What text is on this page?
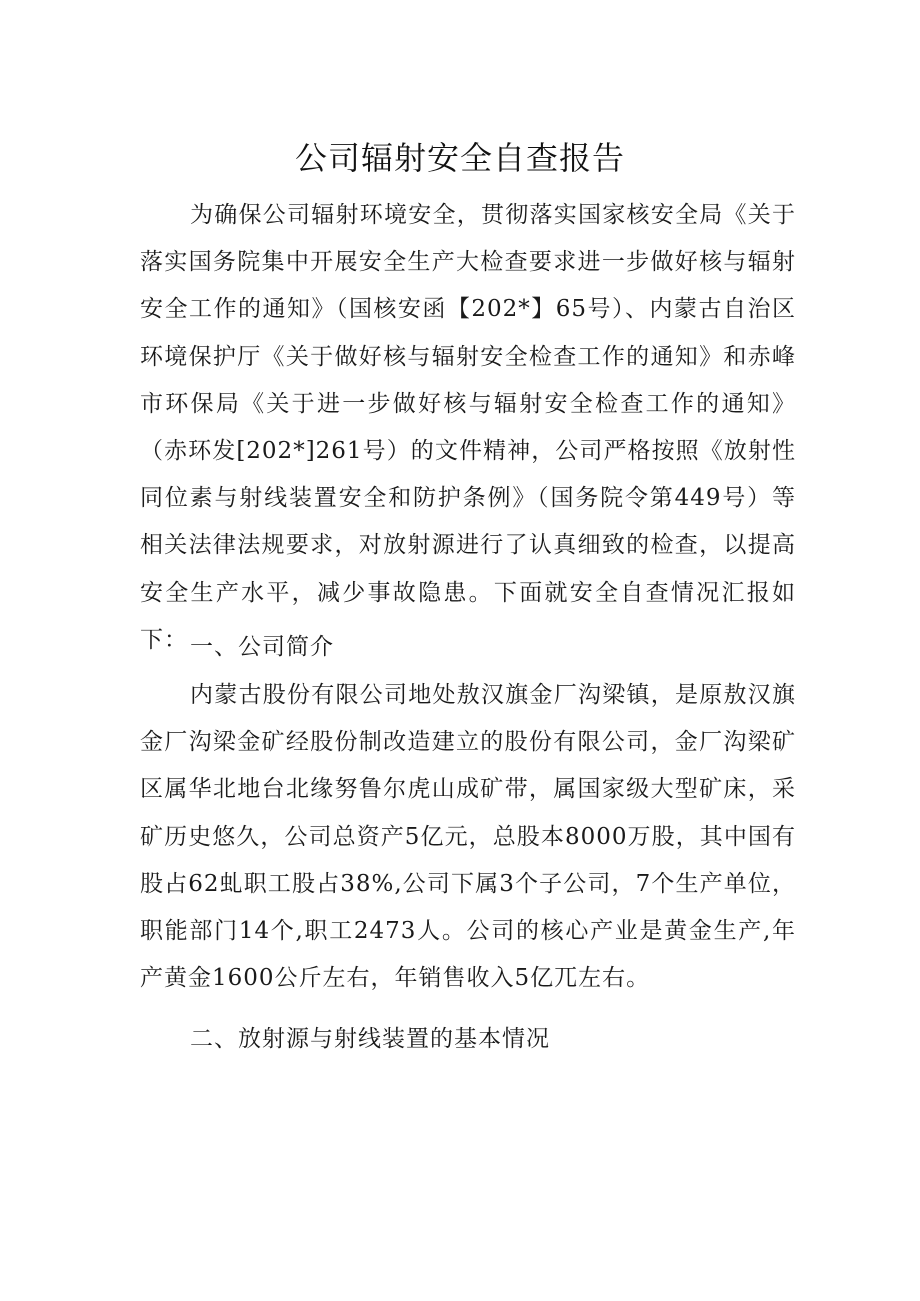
公司辐射安全自查报告

为确保公司辐射环境安全，贯彻落实国家核安全局《关于落实国务院集中开展安全生产大检查要求进一步做好核与辐射安全工作的通知》（国核安函【202*】65号）、内蒙古自治区环境保护厅《关于做好核与辐射安全检查工作的通知》和赤峰市环保局《关于进一步做好核与辐射安全检查工作的通知》（赤环发[202*]261号）的文件精神，公司严格按照《放射性同位素与射线装置安全和防护条例》（国务院令第449号）等相关法律法规要求，对放射源进行了认真细致的检查，以提高安全生产水平，减少事故隐患。下面就安全自查情况汇报如下： 一、公司简介

内蒙古股份有限公司地处敖汉旗金厂沟梁镇，是原敖汉旗金厂沟梁金矿经股份制改造建立的股份有限公司，金厂沟梁矿区属华北地台北缘努鲁尔虎山成矿带，属国家级大型矿床，采矿历史悠久，公司总资产5亿元，总股本8000万股，其中国有股占62虬职工股占38%,公司下属3个子公司，7个生产单位，职能部门14个,职工2473人。公司的核心产业是黄金生产,年产黄金1600公斤左右，年销售收入5亿兀左右。

二、放射源与射线装置的基本情况
